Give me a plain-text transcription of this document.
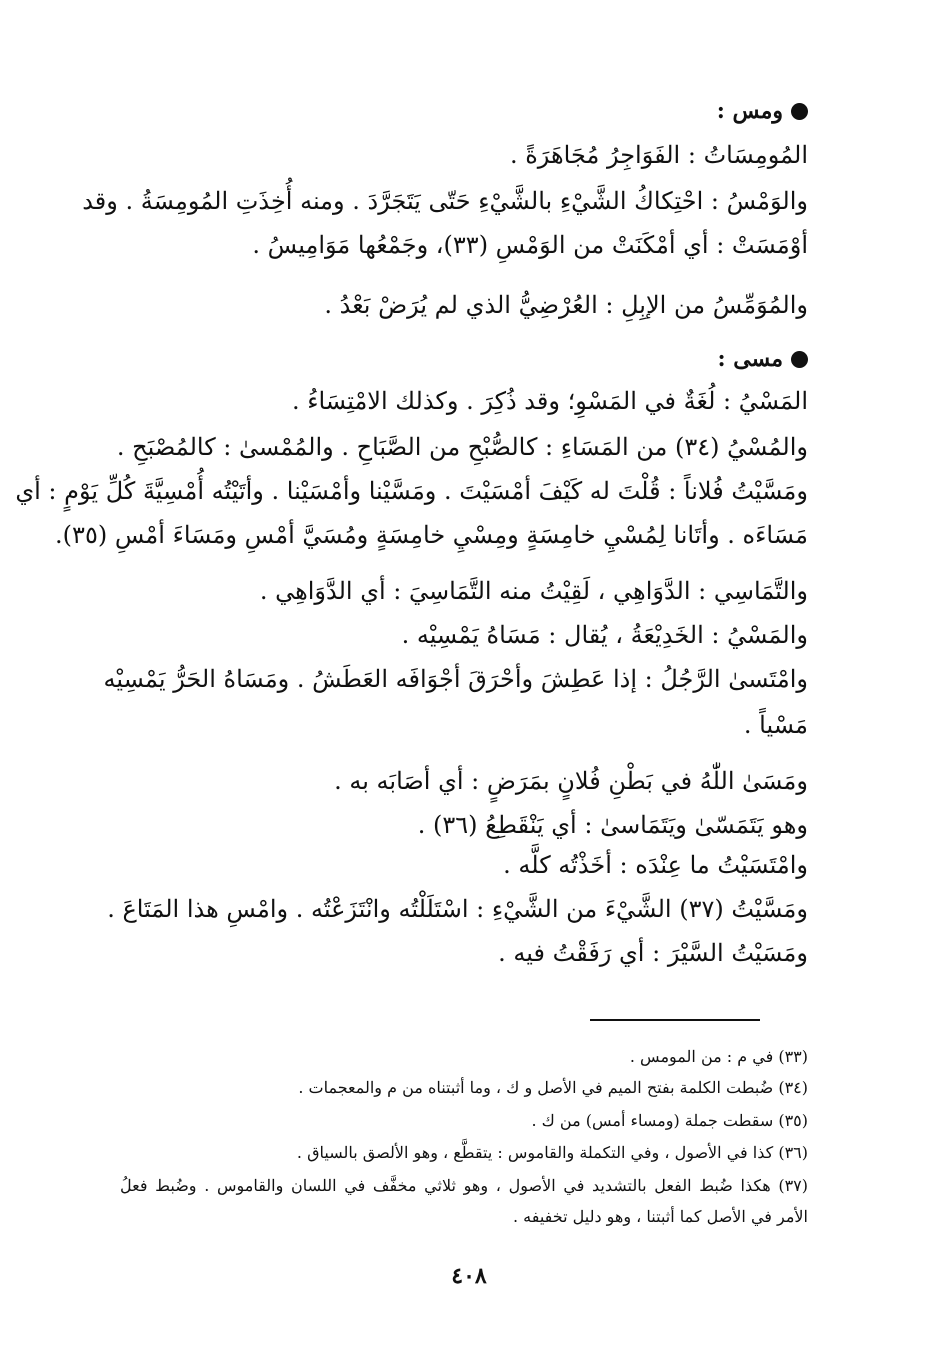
ومس :
المُومِسَاتُ : الفَوَاجِرُ مُجَاهَرَةً .
والوَمْسُ : احْتِكاكُ الشَّيْءِ بالشَّيْءِ حَتّى يَتَجَرَّدَ . ومنه أُخِذَتِ المُومِسَةُ . وقد
أوْمَسَتْ : أي أمْكَنَتْ من الوَمْسِ (٣٣)، وجَمْعُها مَوَامِيسُ .
والمُوَمِّسُ من الإبِلِ : العُرْضِيُّ الذي لم يُرَضْ بَعْدُ .
مسى :
المَسْيُ : لُغَةٌ في المَسْوِ؛ وقد ذُكِرَ . وكذلك الامْتِسَاءُ .
والمُسْيُ (٣٤) من المَسَاءِ : كالصُّبْحِ من الصَّبَاحِ . والمُمْسىٰ : كالمُصْبَحِ .
ومَسَّيْتُ فُلاناً : قُلْتَ له كَيْفَ أمْسَيْتَ . ومَسَّيْنا وأمْسَيْنا . وأتَيْتُه أُمْسِيَّةَ كُلِّ يَوْمٍ : أي
مَسَاءَه . وأتَانا لِمُسْيِ خامِسَةٍ ومِسْيِ خامِسَةٍ ومُسَيَّ أمْسِ ومَسَاءَ أمْسِ (٣٥).
والتَّمَاسِي : الدَّوَاهِي ، لَقِيْتُ منه التَّمَاسِيَ : أي الدَّوَاهِي .
والمَسْيُ : الخَدِيْعَةُ ، يُقال : مَسَاهُ يَمْسِيْه .
وامْتَسىٰ الرَّجُلُ : إذا عَطِشَ وأحْرَقَ أجْوَافَه العَطَشُ . ومَسَاهُ الحَرُّ يَمْسِيْه
مَسْياً .
ومَسَىٰ اللّٰهُ في بَطْنِ فُلانٍ بمَرَضٍ : أي أصَابَه به .
وهو يَتَمَسّىٰ ويَتَمَاسىٰ : أي يَنْقَطِعُ (٣٦) .
وامْتَسَيْتُ ما عِنْدَه : أخَذْتُه كلَّه .
ومَسَّيْتُ (٣٧) الشَّيْءَ من الشَّيْءِ : اسْتَلَلْتُه وانْتَزَعْتُه . وامْسِ هذا المَتَاعَ .
ومَسَيْتُ السَّيْرَ : أي رَفَقْتُ فيه .
(٣٣) في م : من المومس .
(٣٤) ضُبطت الكلمة بفتح الميم في الأصل و ك ، وما أثبتناه من م والمعجمات .
(٣٥) سقطت جملة (ومساء أمس) من ك .
(٣٦) كذا في الأصول ، وفي التكملة والقاموس : يتقطَّع ، وهو الألصق بالسياق .
(٣٧) هكذا ضُبط الفعل بالتشديد في الأصول ، وهو ثلاثي مخفَّف في اللسان والقاموس . وضُبط فعلُ
الأمر في الأصل كما أثبتنا ، وهو دليل تخفيفه .
٤٠٨
